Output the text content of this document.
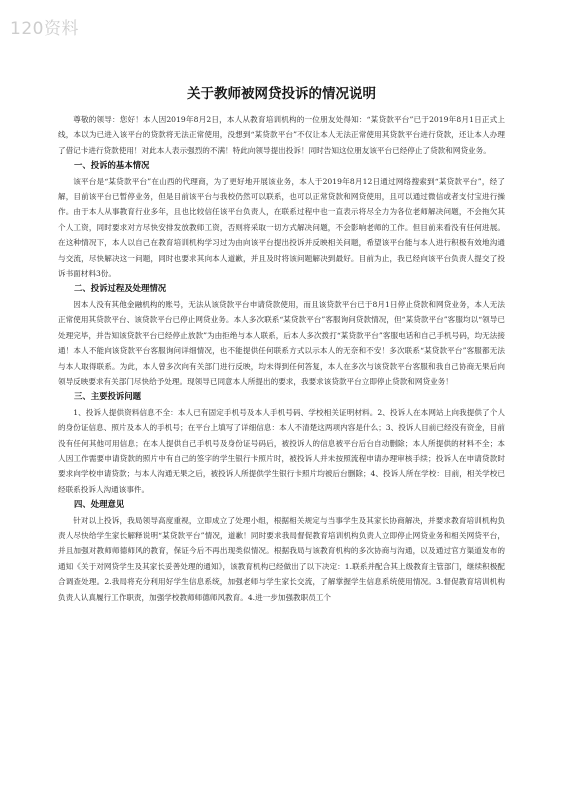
120资料
关于教师被网贷投诉的情况说明

尊敬的领导：您好！本人因2019年8月2日，本人从教育培训机构的一位朋友处得知：“某贷款平台”已于2019年8月1日正式上线，本以为已进入该平台的贷款将无法正常使用，没想到“某贷款平台”不仅让本人无法正常使用其贷款平台进行贷款，还让本人办理了借记卡进行贷款使用！对此本人表示强烈的不满！特此向领导提出投诉！同时告知这位朋友该平台已经停止了贷款和网贷业务。

一、投诉的基本情况

该平台是“某贷款平台”在山西的代理商，为了更好地开展该业务，本人于2019年8月12日通过网络搜索到“某贷款平台”，经了解，目前该平台已暂停业务，但是目前该平台与我校仍然可以联系，也可以正常贷款和网贷使用，且可以通过微信或者支付宝进行操作。由于本人从事教育行业多年，且也比较信任该平台负责人，在联系过程中也一直表示将尽全力为各位老师解决问题，不会拖欠其个人工资，同时要求对方尽快安排发放教师工资，否则将采取一切方式解决问题，不会影响老师的工作。但目前来看没有任何进展。在这种情况下，本人以自己在教育培训机构学习过为由向该平台提出投诉并反映相关问题，希望该平台能与本人进行积极有效地沟通与交流，尽快解决这一问题，同时也要求其向本人道歉，并且及时将该问题解决到最好。目前为止，我已经向该平台负责人提交了投诉书面材料3份。

二、投诉过程及处理情况

因本人没有其他金融机构的账号，无法从该贷款平台申请贷款使用，而且该贷款平台已于8月1日停止贷款和网贷业务，本人无法正常使用其贷款平台、该贷款平台已停止网贷业务。本人多次联系“某贷款平台”客服询问贷款情况，但“某贷款平台”客服均以“领导已处理完毕，并告知该贷款平台已经停止放款”为由拒绝与本人联系，后本人多次拨打“某贷款平台”客服电话和自己手机号码，均无法接通！本人不能向该贷款平台客服询问详细情况，也不能提供任何联系方式以示本人的无奈和不安！多次联系“某贷款平台”客服都无法与本人取得联系。为此，本人曾多次向有关部门进行反映，均未得到任何答复，本人在多次与该贷款平台客服和我自己协商无果后向领导反映要求有关部门尽快给予处理。现领导已同意本人所提出的要求，我要求该贷款平台立即停止贷款和网贷业务！

三、主要投诉问题

1、投诉人提供资料信息不全：本人已有固定手机号及本人手机号码、学校相关证明材料。2、投诉人在本网站上向我提供了个人的身份证信息、照片及本人的手机号；在平台上填写了详细信息：本人不清楚这两项内容是什么；3、投诉人目前已经没有资金，目前没有任何其他可用信息；在本人提供自己手机号及身份证号码后，被投诉人的信息被平台后台自动删除；本人所提供的材料不全；本人因工作需要申请贷款的照片中有自己的签字的学生银行卡照片时，被投诉人并未按照流程申请办理审核手续；投诉人在申请贷款时要求向学校申请贷款；与本人沟通无果之后，被投诉人所提供学生银行卡照片均被后台删除；4、投诉人所在学校：目前，相关学校已经联系投诉人沟通该事件。

四、处理意见

针对以上投诉，我局领导高度重视，立即成立了处理小组，根据相关规定与当事学生及其家长协商解决，并要求教育培训机构负责人尽快给学生家长解释说明“某贷款平台”情况，道歉！同时要求我局督促教育培训机构负责人立即停止网贷业务和相关网贷平台，并且加强对教师师德师风的教育，保证今后不再出现类似情况。根据我局与该教育机构的多次协商与沟通，以及通过官方渠道发布的通知《关于对网贷学生及其家长妥善处理的通知》，该教育机构已经做出了以下决定：1.联系并配合其上级教育主管部门，继续积极配合调查处理。2.我局将充分利用好学生信息系统，加强老师与学生家长交流，了解掌握学生信息系统使用情况。3.督促教育培训机构负责人认真履行工作职责，加强学校教师师德师风教育。4.进一步加强教职员工个
